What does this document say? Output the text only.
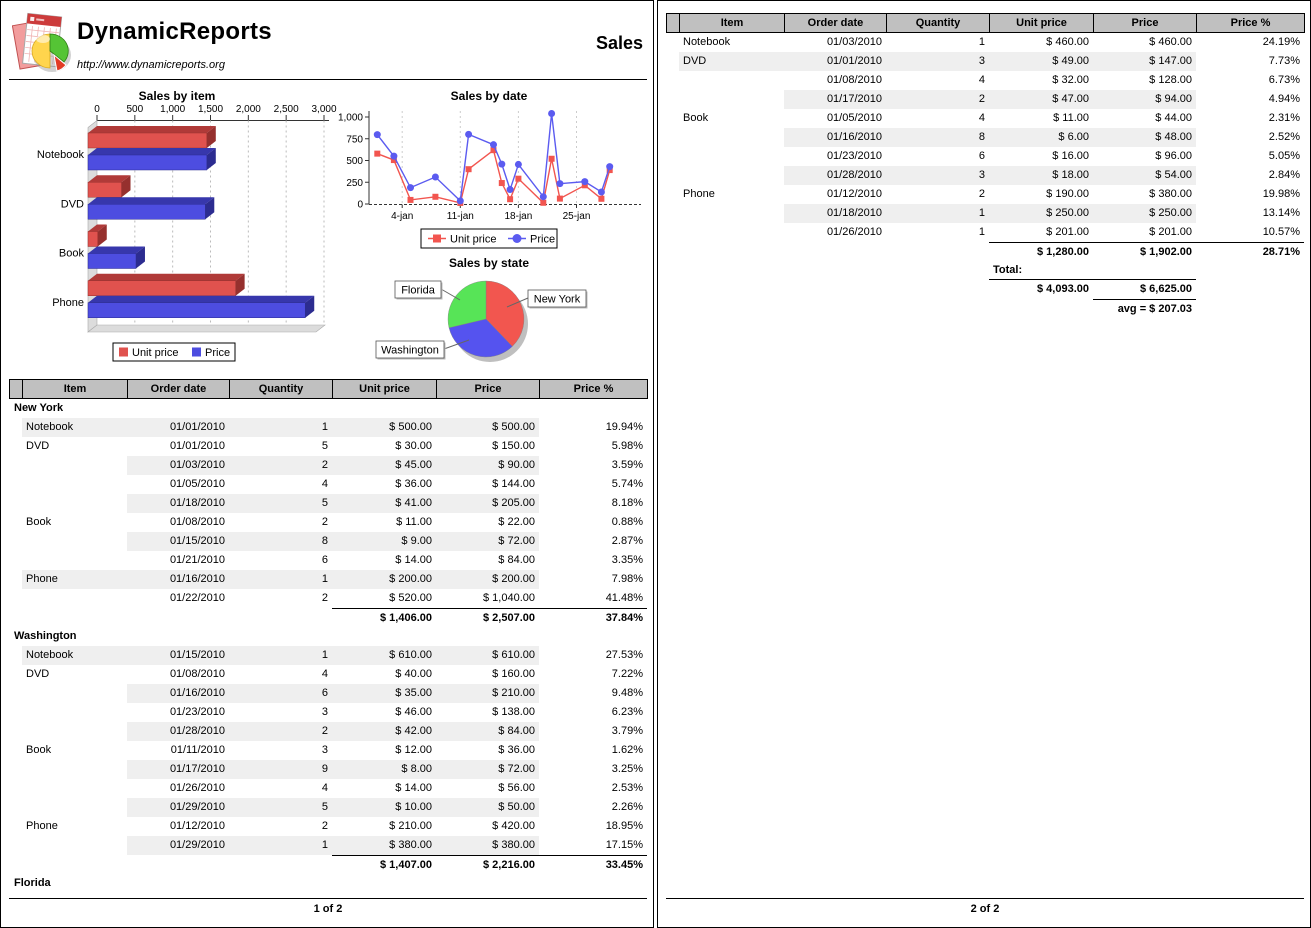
DynamicReports
http://www.dynamicreports.org
Sales
Sales by item
0	500 1,000 1,500 2,000 2,500 3,000
Notebook
DVD
Book
Phone
Unit price Price
Sales by date
4-jan	11-jan	18-jan	25-jan
0
250
500
750
1,000
Unit price	Price
Sales by state
New York
Washington
Florida
Item	Order date	Quantity	Unit price	Price	Price %
New York
Notebook	01/01/2010	1	$ 500.00	$ 500.00	19.94%
DVD	01/01/2010	5	$ 30.00	$ 150.00	5.98%
01/03/2010	2	$ 45.00	$ 90.00	3.59%
01/05/2010	4	$ 36.00	$ 144.00	5.74%
01/18/2010	5	$ 41.00	$ 205.00	8.18%
Book	01/08/2010	2	$ 11.00	$ 22.00	0.88%
01/15/2010	8	$ 9.00	$ 72.00	2.87%
01/21/2010	6	$ 14.00	$ 84.00	3.35%
Phone	01/16/2010	1	$ 200.00	$ 200.00	7.98%
01/22/2010	2	$ 520.00	$ 1,040.00	41.48%
$ 1,406.00	$ 2,507.00	37.84%
Washington
Notebook	01/15/2010	1	$ 610.00	$ 610.00	27.53%
DVD	01/08/2010	4	$ 40.00	$ 160.00	7.22%
01/16/2010	6	$ 35.00	$ 210.00	9.48%
01/23/2010	3	$ 46.00	$ 138.00	6.23%
01/28/2010	2	$ 42.00	$ 84.00	3.79%
Book	01/11/2010	3	$ 12.00	$ 36.00	1.62%
01/17/2010	9	$ 8.00	$ 72.00	3.25%
01/26/2010	4	$ 14.00	$ 56.00	2.53%
01/29/2010	5	$ 10.00	$ 50.00	2.26%
Phone	01/12/2010	2	$ 210.00	$ 420.00	18.95%
01/29/2010	1	$ 380.00	$ 380.00	17.15%
$ 1,407.00	$ 2,216.00	33.45%
Florida
1 of 2
Item	Order date	Quantity	Unit price	Price	Price %
Notebook	01/03/2010	1	$ 460.00	$ 460.00	24.19%
DVD	01/01/2010	3	$ 49.00	$ 147.00	7.73%
01/08/2010	4	$ 32.00	$ 128.00	6.73%
01/17/2010	2	$ 47.00	$ 94.00	4.94%
Book	01/05/2010	4	$ 11.00	$ 44.00	2.31%
01/16/2010	8	$ 6.00	$ 48.00	2.52%
01/23/2010	6	$ 16.00	$ 96.00	5.05%
01/28/2010	3	$ 18.00	$ 54.00	2.84%
Phone	01/12/2010	2	$ 190.00	$ 380.00	19.98%
01/18/2010	1	$ 250.00	$ 250.00	13.14%
01/26/2010	1	$ 201.00	$ 201.00	10.57%
$ 1,280.00	$ 1,902.00	28.71%
Total:
$ 4,093.00	$ 6,625.00
avg = $ 207.03
2 of 2
